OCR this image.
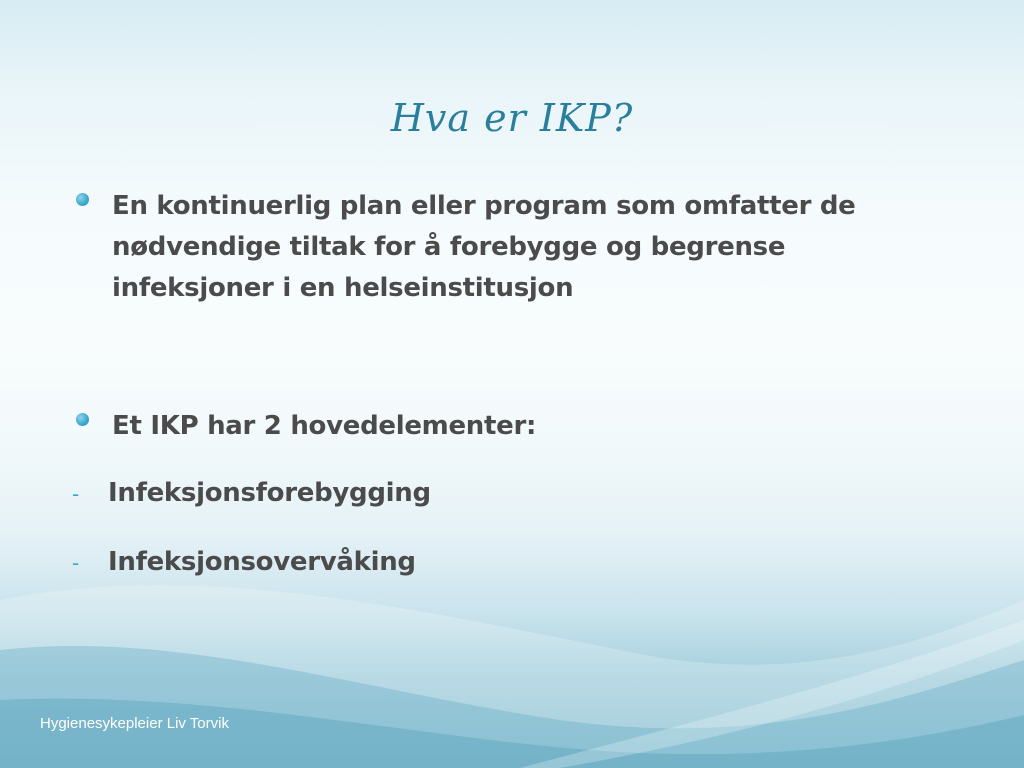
Hva er IKP?
En kontinuerlig plan eller program som omfatter de
nødvendige tiltak for å forebygge og begrense
infeksjoner i en helseinstitusjon
Et IKP har 2 hovedelementer:
-	Infeksjonsforebygging
-	Infeksjonsovervåking
Hygienesykepleier Liv Torvik
